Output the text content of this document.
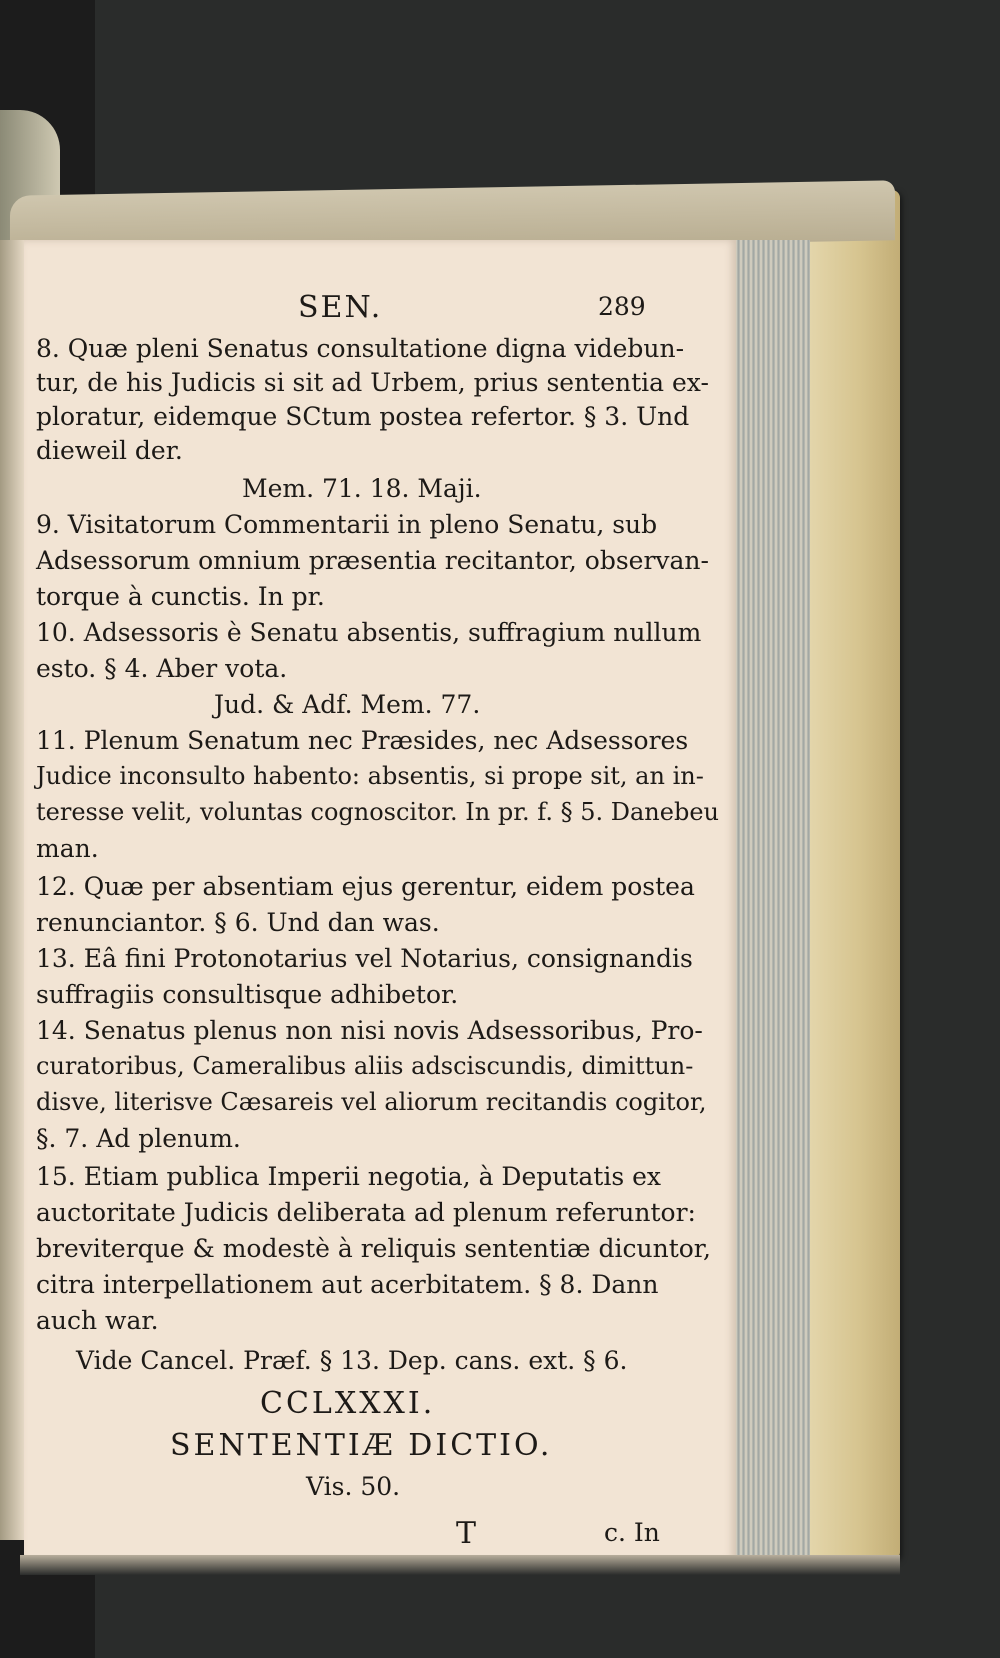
SEN.	289
8. Quæ pleni Senatus consultatione digna videbun-
tur, de his Judicis si sit ad Urbem, prius sententia ex-
ploratur, eidemque SCtum postea refertor. § 3. Und
dieweil der.
Mem. 71. 18. Maji.
9. Visitatorum Commentarii in pleno Senatu, sub
Adsessorum omnium præsentia recitantor, observan-
torque à cunctis. In pr.
10. Adsessoris è Senatu absentis, suffragium nullum
esto. § 4. Aber vota.
Jud. & Adf. Mem. 77.
11. Plenum Senatum nec Præsides, nec Adsessores
Judice inconsulto habento: absentis, si prope sit, an in-
teresse velit, voluntas cognoscitor. In pr. f. § 5. Danebeu
man.
12. Quæ per absentiam ejus gerentur, eidem postea
renunciantor. § 6. Und dan was.
13. Eâ fini Protonotarius vel Notarius, consignandis
suffragiis consultisque adhibetor.
14. Senatus plenus non nisi novis Adsessoribus, Pro-
curatoribus, Cameralibus aliis adsciscundis, dimittun-
disve, literisve Cæsareis vel aliorum recitandis cogitor,
§. 7. Ad plenum.
15. Etiam publica Imperii negotia, à Deputatis ex
auctoritate Judicis deliberata ad plenum referuntor:
breviterque & modestè à reliquis sententiæ dicuntor,
citra interpellationem aut acerbitatem. § 8. Dann
auch war.
Vide Cancel. Præf. § 13. Dep. cans. ext. § 6.
CCLXXXI.
SENTENTIÆ DICTIO.
Vis. 50.
T	c. In
